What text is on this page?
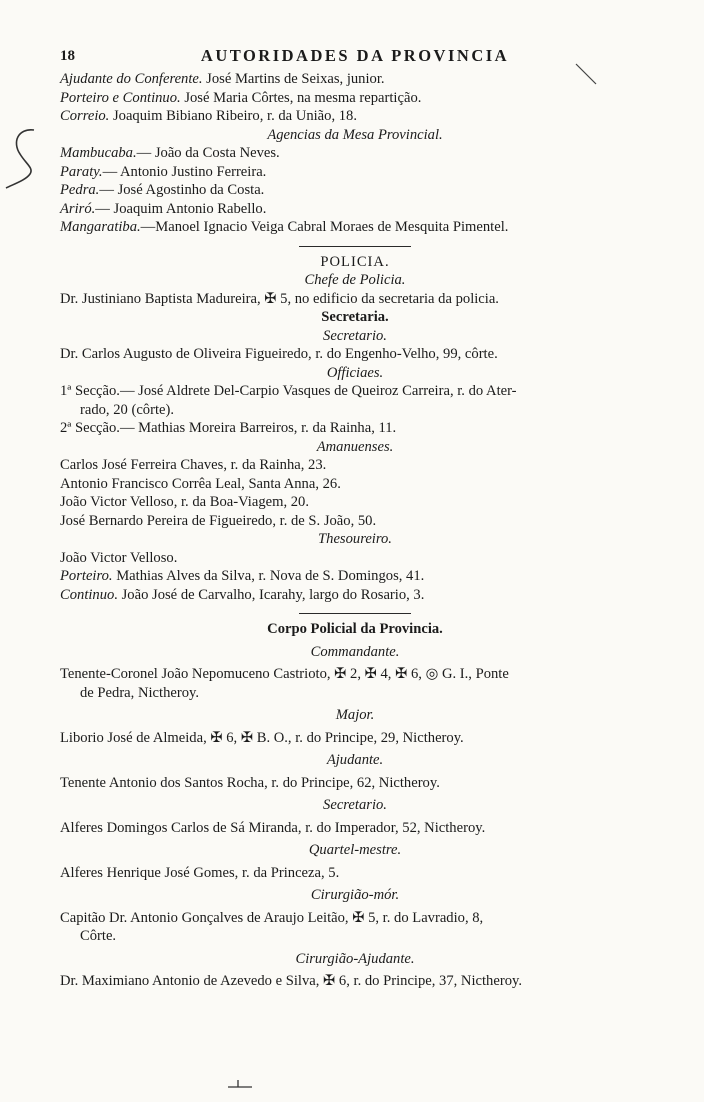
18	AUTORIDADES DA PROVINCIA
Ajudante do Conferente. José Martins de Seixas, junior.
Porteiro e Continuo. José Maria Côrtes, na mesma repartição.
Correio. Joaquim Bibiano Ribeiro, r. da União, 18.
Agencias da Mesa Provincial.
Mambucaba.— João da Costa Neves.
Paraty.— Antonio Justino Ferreira.
Pedra.— José Agostinho da Costa.
Ariró.— Joaquim Antonio Rabello.
Mangaratiba.—Manoel Ignacio Veiga Cabral Moraes de Mesquita Pimentel.
POLICIA.
Chefe de Policia.
Dr. Justiniano Baptista Madureira, ✠ 5, no edificio da secretaria da policia.
Secretaria.
Secretario.
Dr. Carlos Augusto de Oliveira Figueiredo, r. do Engenho-Velho, 99, côrte.
Officiaes.
1ª Secção.— José Aldrete Del-Carpio Vasques de Queiroz Carreira, r. do Ater-
rado, 20 (côrte).
2ª Secção.— Mathias Moreira Barreiros, r. da Rainha, 11.
Amanuenses.
Carlos José Ferreira Chaves, r. da Rainha, 23.
Antonio Francisco Corrêa Leal, Santa Anna, 26.
João Victor Velloso, r. da Boa-Viagem, 20.
José Bernardo Pereira de Figueiredo, r. de S. João, 50.
Thesoureiro.
João Victor Velloso.
Porteiro. Mathias Alves da Silva, r. Nova de S. Domingos, 41.
Continuo. João José de Carvalho, Icarahy, largo do Rosario, 3.
Corpo Policial da Provincia.
Commandante.
Tenente-Coronel João Nepomuceno Castrioto, ✠ 2, ✠ 4, ✠ 6, ◎ G. I., Ponte
de Pedra, Nictheroy.
Major.
Liborio José de Almeida, ✠ 6, ✠ B. O., r. do Principe, 29, Nictheroy.
Ajudante.
Tenente Antonio dos Santos Rocha, r. do Principe, 62, Nictheroy.
Secretario.
Alferes Domingos Carlos de Sá Miranda, r. do Imperador, 52, Nictheroy.
Quartel-mestre.
Alferes Henrique José Gomes, r. da Princeza, 5.
Cirurgião-mór.
Capitão Dr. Antonio Gonçalves de Araujo Leitão, ✠ 5, r. do Lavradio, 8,
Côrte.
Cirurgião-Ajudante.
Dr. Maximiano Antonio de Azevedo e Silva, ✠ 6, r. do Principe, 37, Nictheroy.
